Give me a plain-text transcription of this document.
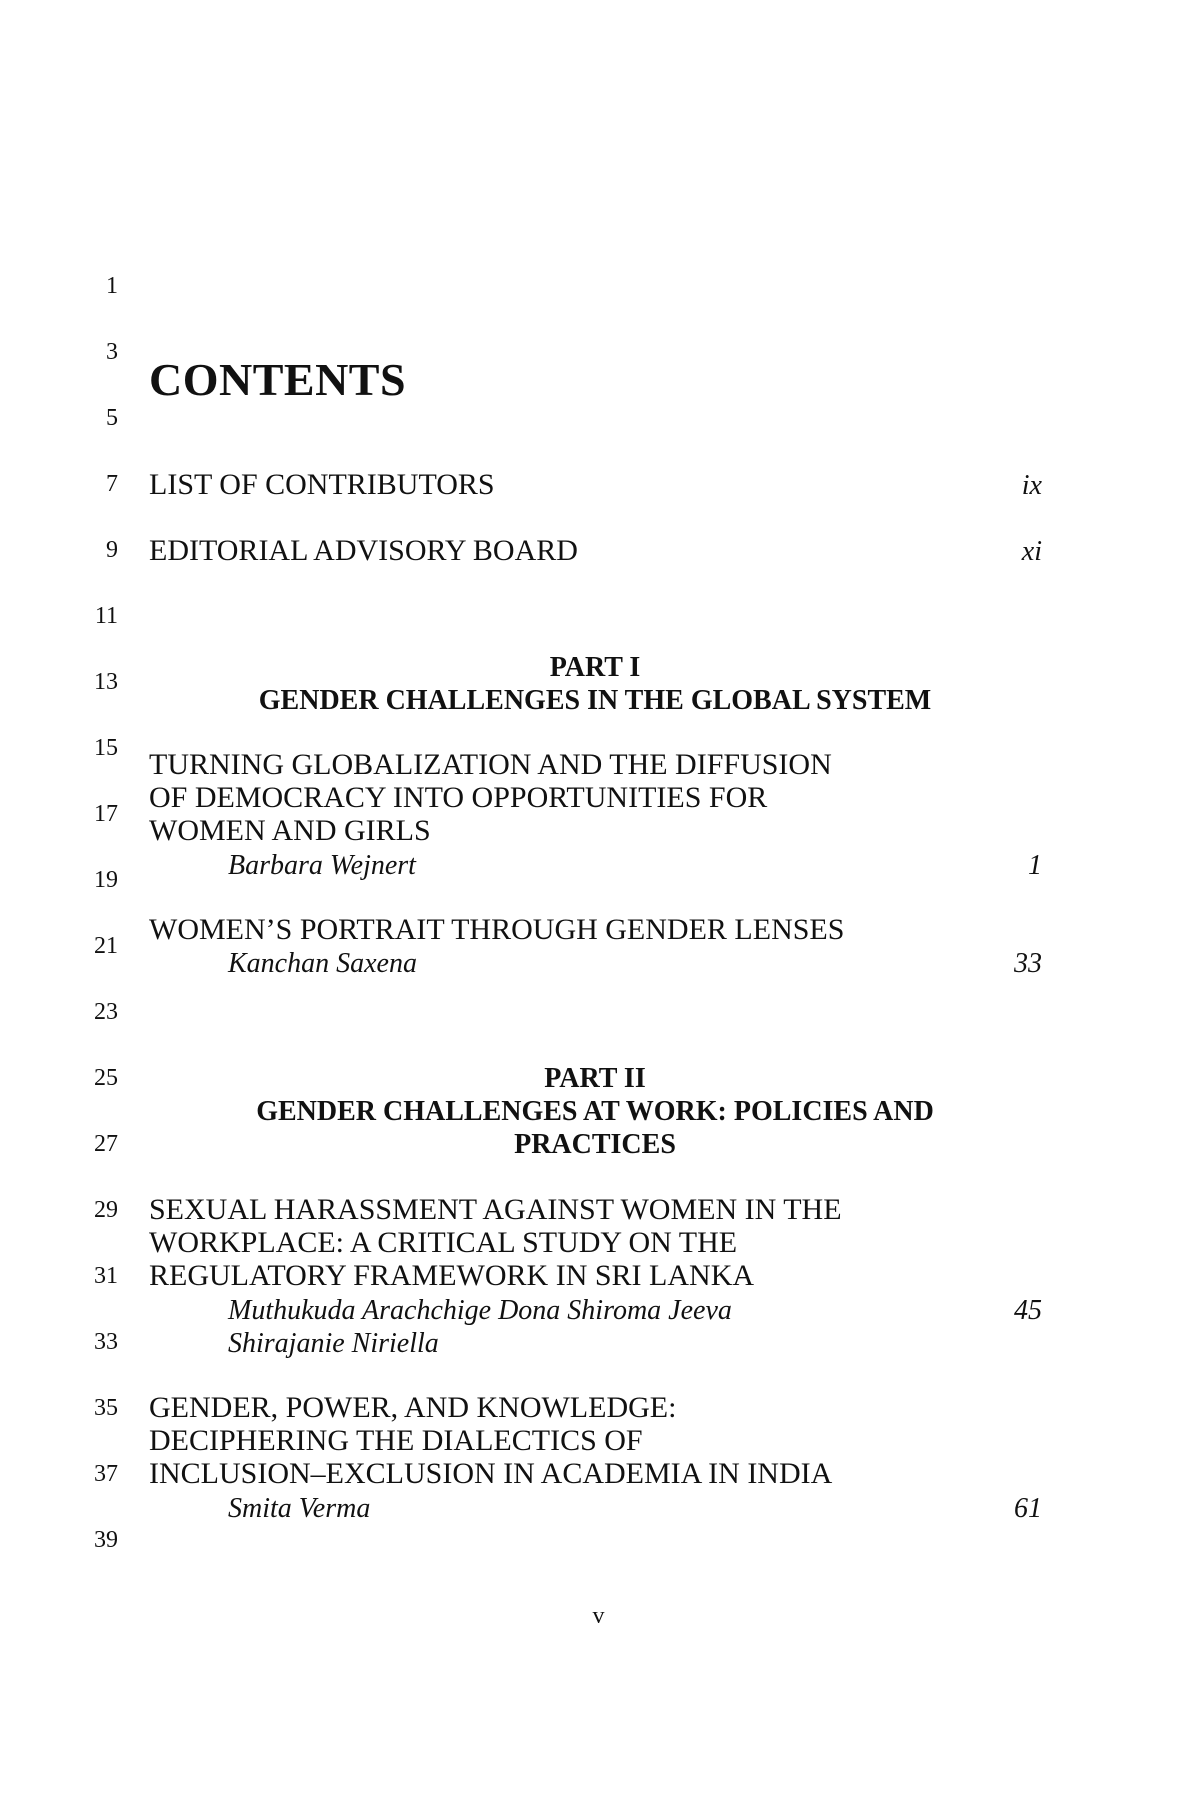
1
3
5
7
9
11
13
15
17
19
21
23
25
27
29
31
33
35
37
39
CONTENTS
LIST OF CONTRIBUTORS	ix
EDITORIAL ADVISORY BOARD	xi
PART I
GENDER CHALLENGES IN THE GLOBAL SYSTEM
TURNING GLOBALIZATION AND THE DIFFUSION
OF DEMOCRACY INTO OPPORTUNITIES FOR
WOMEN AND GIRLS
Barbara Wejnert	1
WOMEN’S PORTRAIT THROUGH GENDER LENSES
Kanchan Saxena	33
PART II
GENDER CHALLENGES AT WORK: POLICIES AND
PRACTICES
SEXUAL HARASSMENT AGAINST WOMEN IN THE
WORKPLACE: A CRITICAL STUDY ON THE
REGULATORY FRAMEWORK IN SRI LANKA
Muthukuda Arachchige Dona Shiroma Jeeva	45
Shirajanie Niriella
GENDER, POWER, AND KNOWLEDGE:
DECIPHERING THE DIALECTICS OF
INCLUSION–EXCLUSION IN ACADEMIA IN INDIA
Smita Verma	61
v
